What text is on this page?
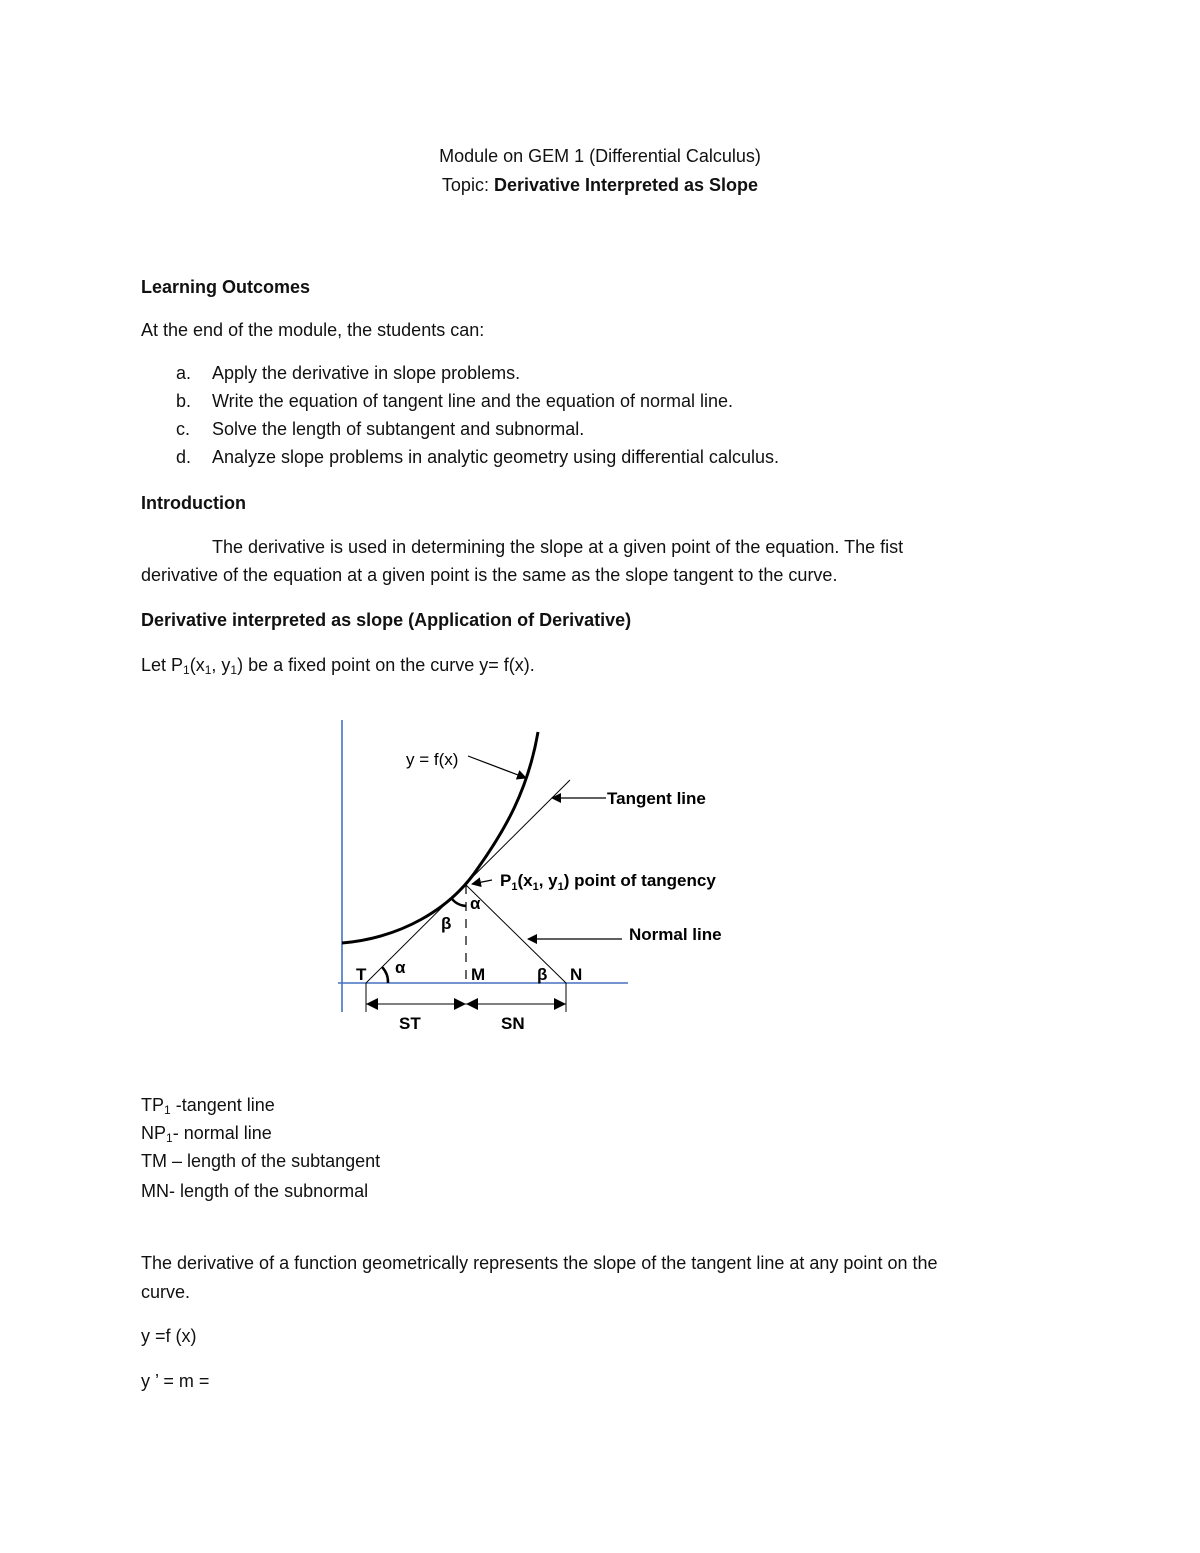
Module on GEM 1 (Differential Calculus)
Topic: Derivative Interpreted as Slope
Learning Outcomes
At the end of the module, the students can:
a. Apply the derivative in slope problems.
b. Write the equation of tangent line and the equation of normal line.
c. Solve the length of subtangent and subnormal.
d. Analyze slope problems in analytic geometry using differential calculus.
Introduction
The derivative is used in determining the slope at a given point of the equation. The fist
derivative of the equation at a given point is the same as the slope tangent to the curve.
Derivative interpreted as slope (Application of Derivative)
Let $P_1(x_1$, $y_1$) be a fixed point on the curve y= f(x).
y = f(x)
Tangent line
$P_1(x_1$, $y_1$) point of tangency
Normal line
α
β
α
T	M	β N
ST	SN
$TP_1$ -tangent line
$NP_1-$ normal line
TM – length of the subtangent
MN- length of the subnormal
The derivative of a function geometrically represents the slope of the tangent line at any point on the
curve.
y =f (x)
y ’ = m =
